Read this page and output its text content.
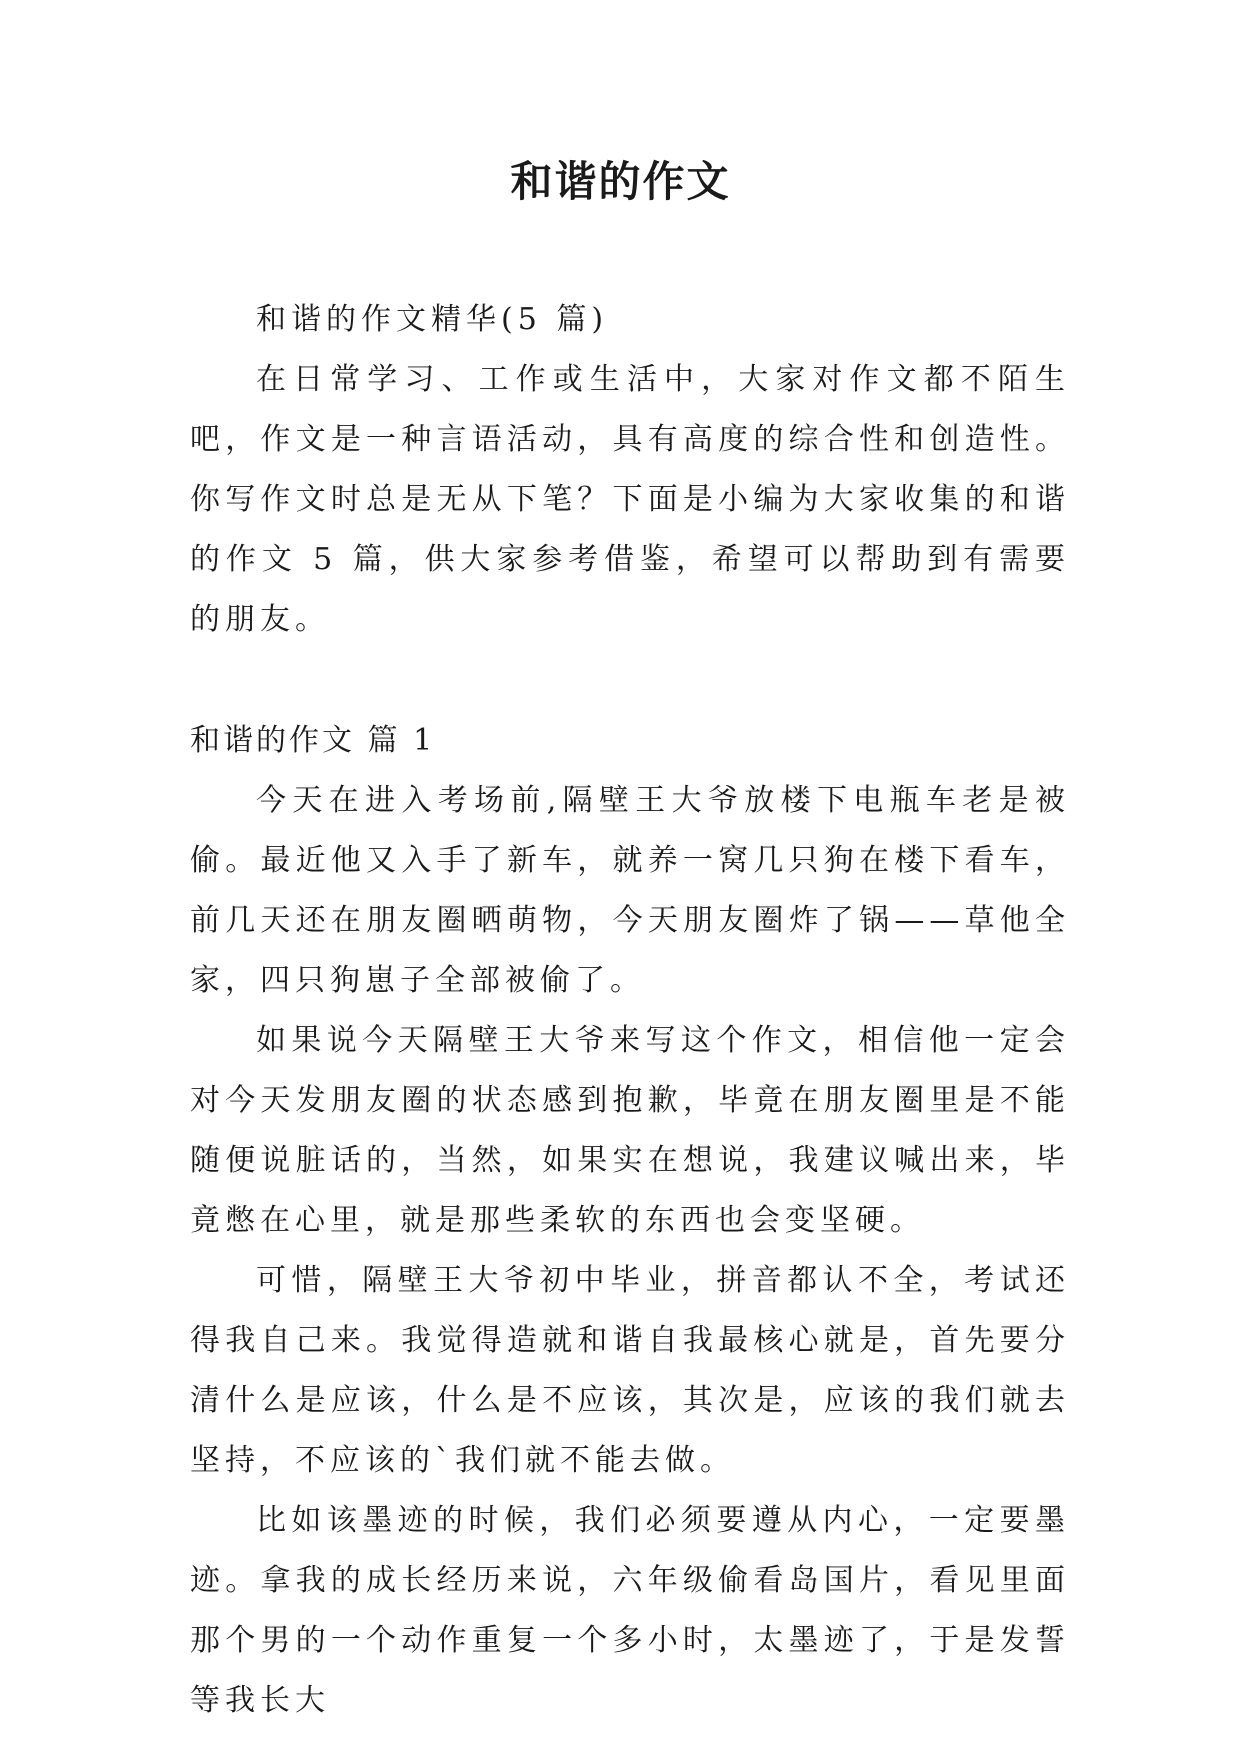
和谐的作文

和谐的作文精华(5 篇)

在日常学习、工作或生活中，大家对作文都不陌生吧，作文是一种言语活动，具有高度的综合性和创造性。你写作文时总是无从下笔？下面是小编为大家收集的和谐的作文 5 篇，供大家参考借鉴，希望可以帮助到有需要的朋友。

和谐的作文 篇 1

今天在进入考场前,隔壁王大爷放楼下电瓶车老是被偷。最近他又入手了新车，就养一窝几只狗在楼下看车，前几天还在朋友圈晒萌物，今天朋友圈炸了锅——草他全家，四只狗崽子全部被偷了。

如果说今天隔壁王大爷来写这个作文，相信他一定会对今天发朋友圈的状态感到抱歉，毕竟在朋友圈里是不能随便说脏话的，当然，如果实在想说，我建议喊出来，毕竟憋在心里，就是那些柔软的东西也会变坚硬。

可惜，隔壁王大爷初中毕业，拼音都认不全，考试还得我自己来。我觉得造就和谐自我最核心就是，首先要分清什么是应该，什么是不应该，其次是，应该的我们就去坚持，不应该的`我们就不能去做。

比如该墨迹的时候，我们必须要遵从内心，一定要墨迹。拿我的成长经历来说，六年级偷看岛国片，看见里面那个男的一个动作重复一个多小时，太墨迹了，于是发誓等我长大
